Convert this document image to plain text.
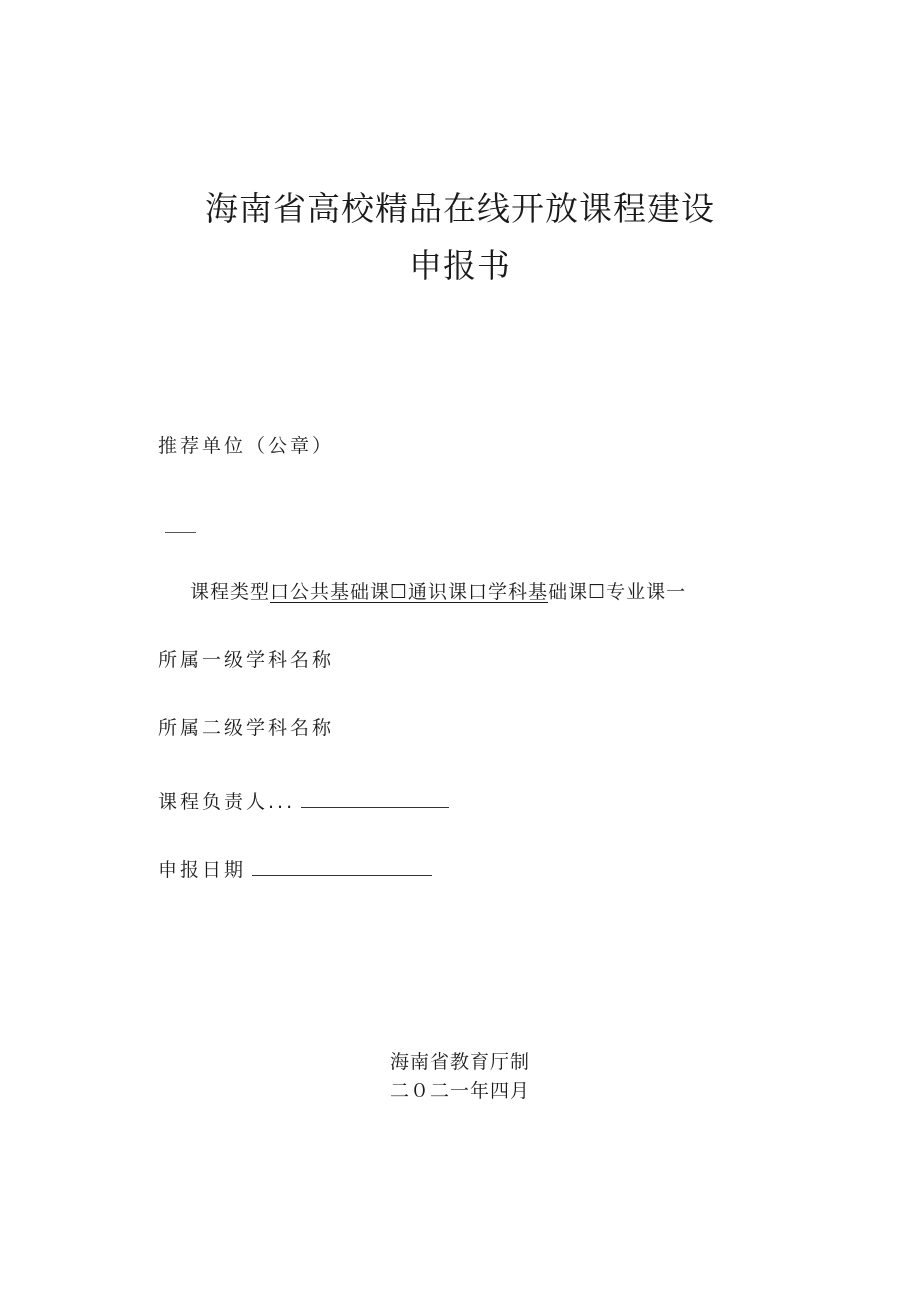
海南省高校精品在线开放课程建设
申报书
推荐单位（公章）
课程类型口公共基础课☐通识课口学科基础课☐专业课一
所属一级学科名称
所属二级学科名称
课程负责人...
申报日期
海南省教育厅制
二０二一年四月
